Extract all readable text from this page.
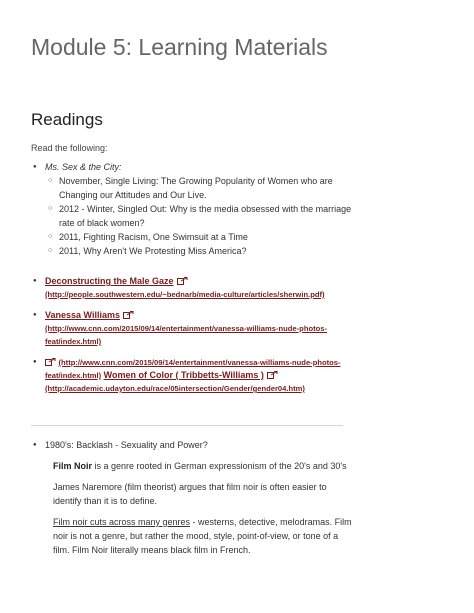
Module 5: Learning Materials
Readings
Read the following:
● Ms. Sex & the City:
○ November, Single Living: The Growing Popularity of Women who are Changing our Attitudes and Our Live.
○ 2012 - Winter, Singled Out: Why is the media obsessed with the marriage rate of black women?
○ 2011, Fighting Racism, One Swimsuit at a Time
○ 2011, Why Aren't We Protesting Miss America?
● Deconstructing the Male Gaze
(http://people.southwestern.edu/~bednarb/media-culture/articles/sherwin.pdf)
● Vanessa Williams
(http://www.cnn.com/2015/09/14/entertainment/vanessa-williams-nude-photos-feat/index.html)
● (http://www.cnn.com/2015/09/14/entertainment/vanessa-williams-nude-photos-feat/index.html) Women of Color ( Tribbetts-Williams )
(http://academic.udayton.edu/race/05intersection/Gender/gender04.htm)
● 1980's: Backlash - Sexuality and Power?

Film Noir is a genre rooted in German expressionism of the 20's and 30's

James Naremore (film theorist) argues that film noir is often easier to identify than it is to define.

Film noir cuts across many genres - westerns, detective, melodramas. Film noir is not a genre, but rather the mood, style, point-of-view, or tone of a film. Film Noir literally means black film in French.
